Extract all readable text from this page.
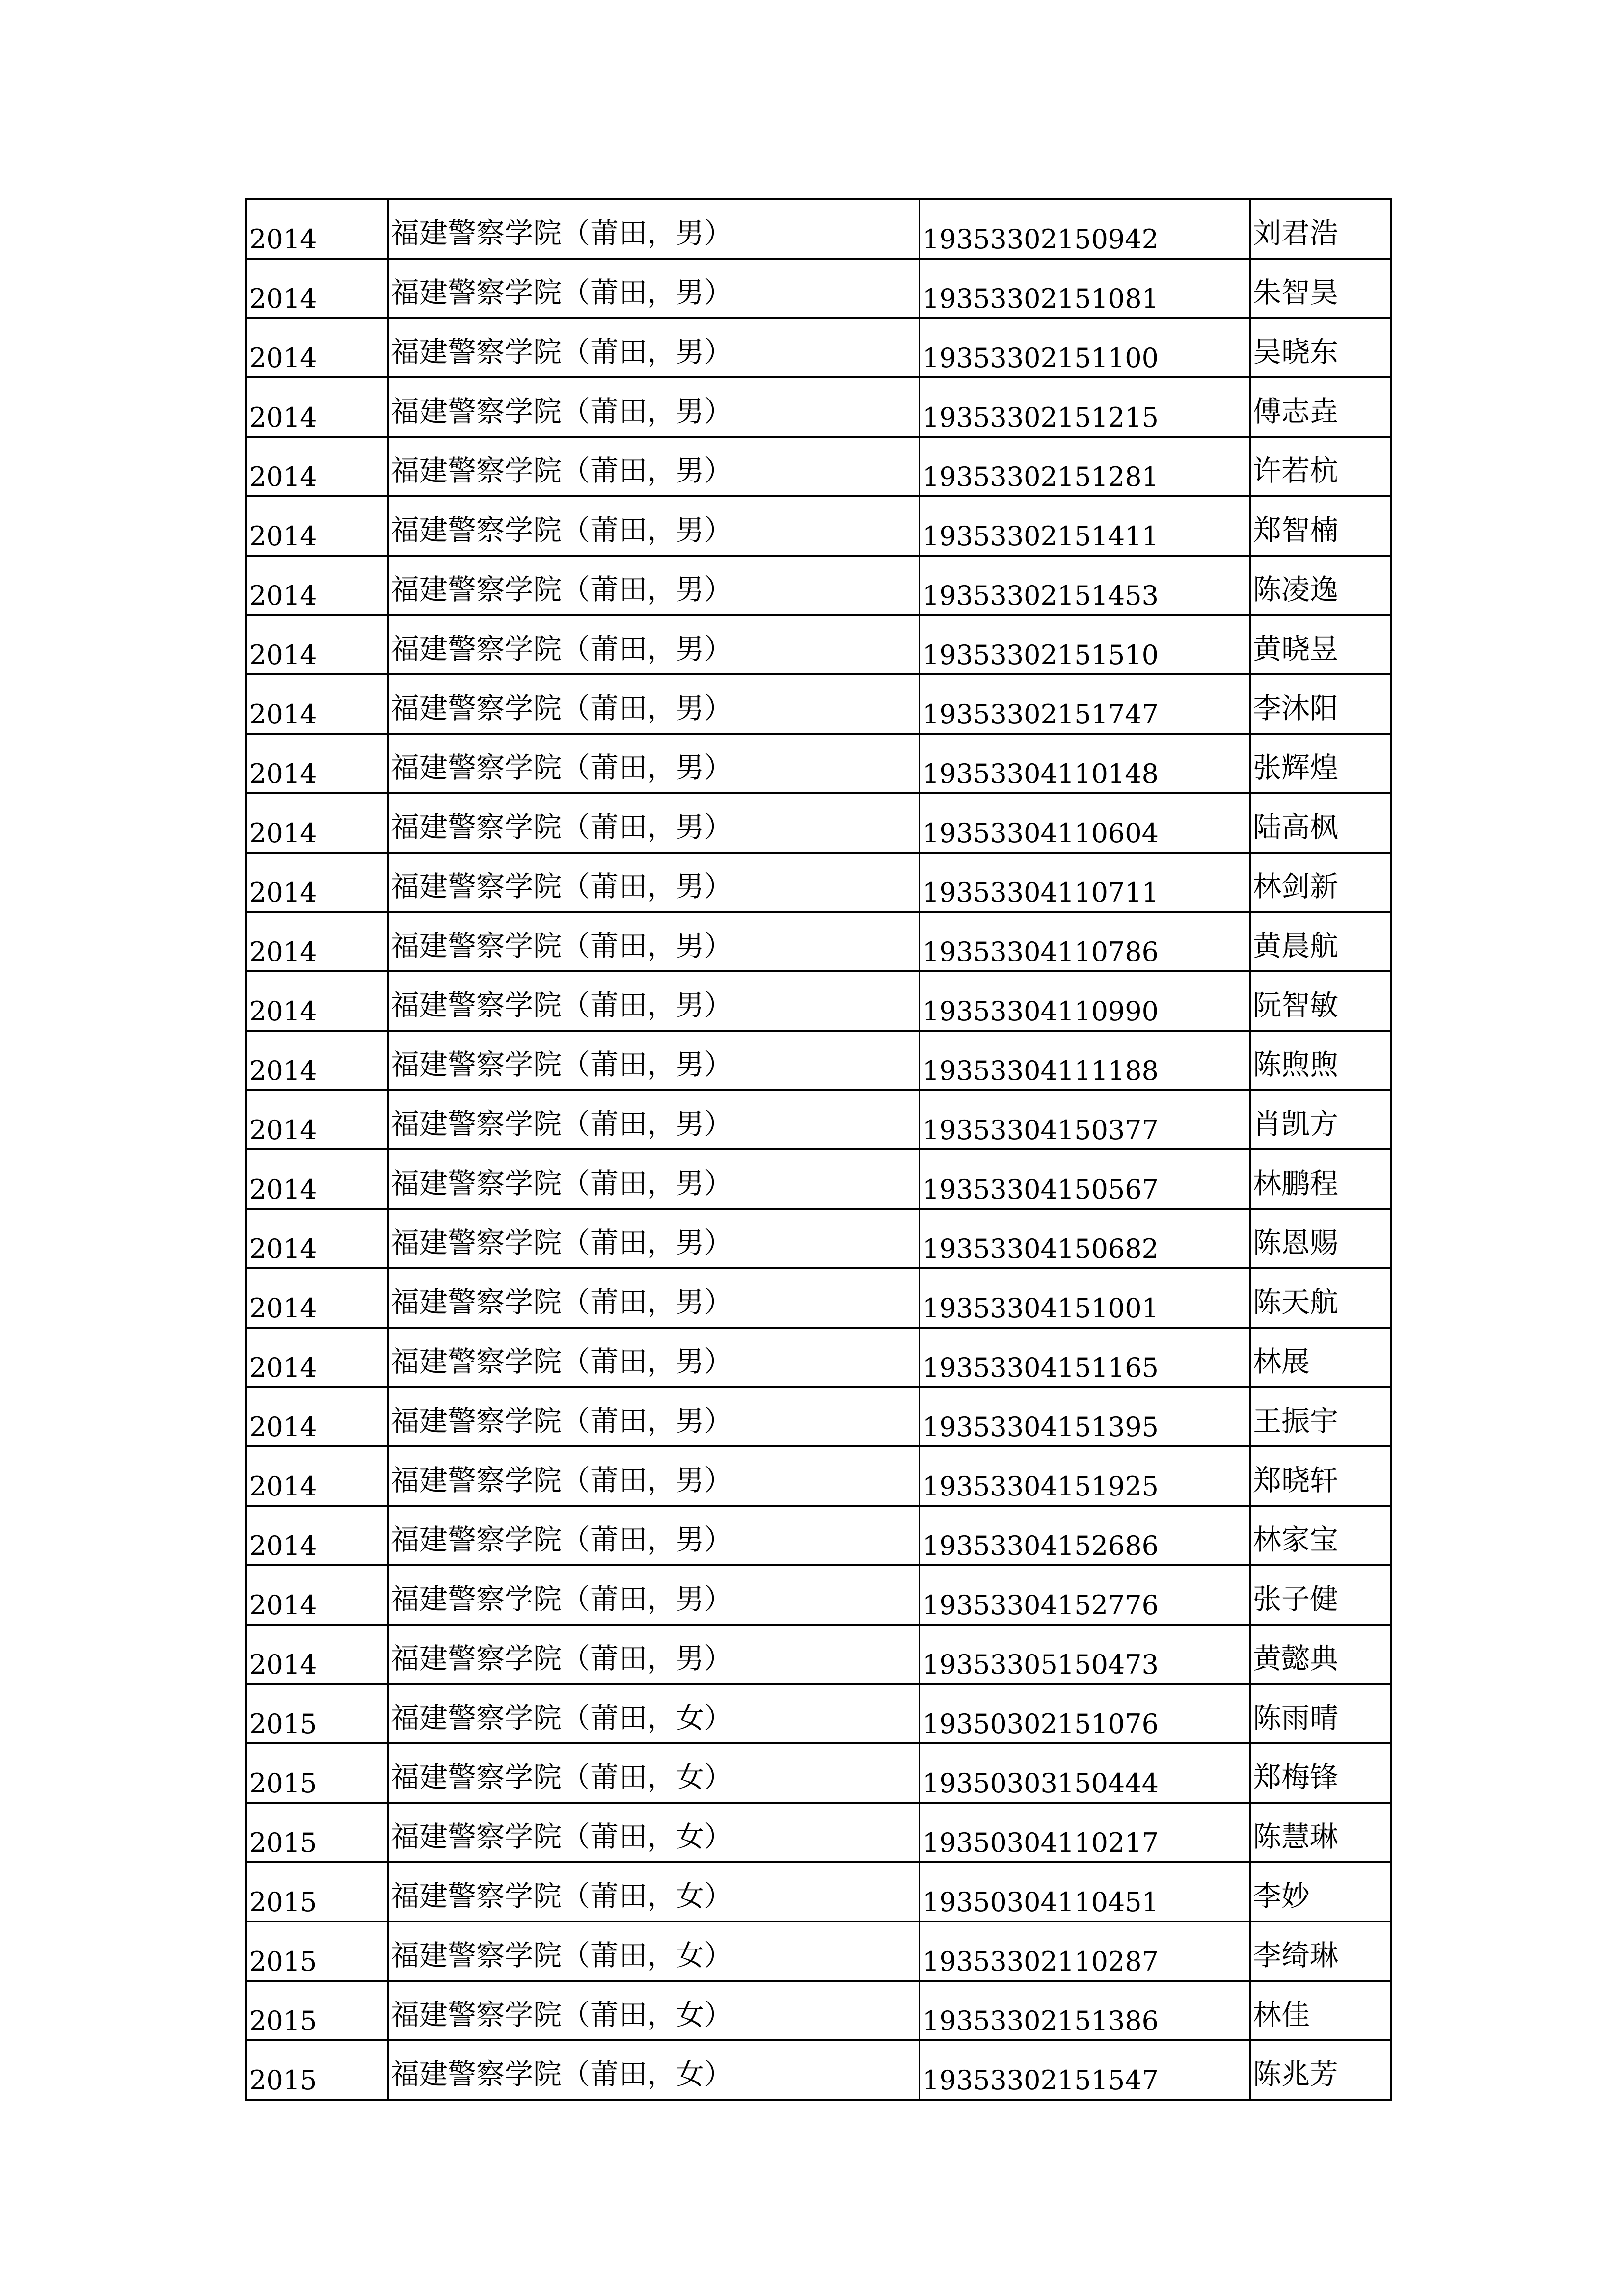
2014	福建警察学院（莆田，男）	19353302150942	刘君浩
2014	福建警察学院（莆田，男）	19353302151081	朱智昊
2014	福建警察学院（莆田，男）	19353302151100	吴晓东
2014	福建警察学院（莆田，男）	19353302151215	傅志垚
2014	福建警察学院（莆田，男）	19353302151281	许若杭
2014	福建警察学院（莆田，男）	19353302151411	郑智楠
2014	福建警察学院（莆田，男）	19353302151453	陈凌逸
2014	福建警察学院（莆田，男）	19353302151510	黄晓昱
2014	福建警察学院（莆田，男）	19353302151747	李沐阳
2014	福建警察学院（莆田，男）	19353304110148	张辉煌
2014	福建警察学院（莆田，男）	19353304110604	陆高枫
2014	福建警察学院（莆田，男）	19353304110711	林剑新
2014	福建警察学院（莆田，男）	19353304110786	黄晨航
2014	福建警察学院（莆田，男）	19353304110990	阮智敏
2014	福建警察学院（莆田，男）	19353304111188	陈煦煦
2014	福建警察学院（莆田，男）	19353304150377	肖凯方
2014	福建警察学院（莆田，男）	19353304150567	林鹏程
2014	福建警察学院（莆田，男）	19353304150682	陈恩赐
2014	福建警察学院（莆田，男）	19353304151001	陈天航
2014	福建警察学院（莆田，男）	19353304151165	林展
2014	福建警察学院（莆田，男）	19353304151395	王振宇
2014	福建警察学院（莆田，男）	19353304151925	郑晓轩
2014	福建警察学院（莆田，男）	19353304152686	林家宝
2014	福建警察学院（莆田，男）	19353304152776	张子健
2014	福建警察学院（莆田，男）	19353305150473	黄懿典
2015	福建警察学院（莆田，女）	19350302151076	陈雨晴
2015	福建警察学院（莆田，女）	19350303150444	郑梅锋
2015	福建警察学院（莆田，女）	19350304110217	陈慧琳
2015	福建警察学院（莆田，女）	19350304110451	李妙
2015	福建警察学院（莆田，女）	19353302110287	李绮琳
2015	福建警察学院（莆田，女）	19353302151386	林佳
2015	福建警察学院（莆田，女）	19353302151547	陈兆芳
